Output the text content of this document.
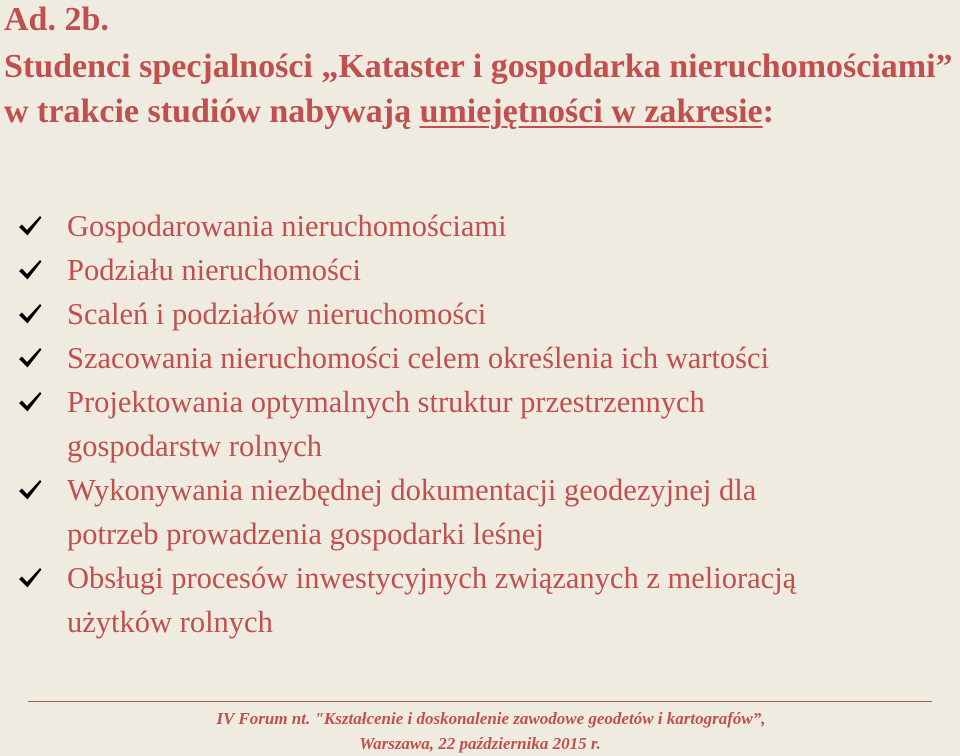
Ad. 2b.

Studenci specjalności „Kataster i gospodarka nieruchomościami” w trakcie studiów nabywają umiejętności w zakresie:

Gospodarowania nieruchomościami
Podziału nieruchomości
Scaleń i podziałów nieruchomości
Szacowania nieruchomości celem określenia ich wartości
Projektowania optymalnych struktur przestrzennych
gospodarstw rolnych
Wykonywania niezbędnej dokumentacji geodezyjnej dla
potrzeb prowadzenia gospodarki leśnej
Obsługi procesów inwestycyjnych związanych z melioracją
użytków rolnych
IV Forum nt. "Kształcenie i doskonalenie zawodowe geodetów i kartografów”,
Warszawa, 22 października 2015 r.
